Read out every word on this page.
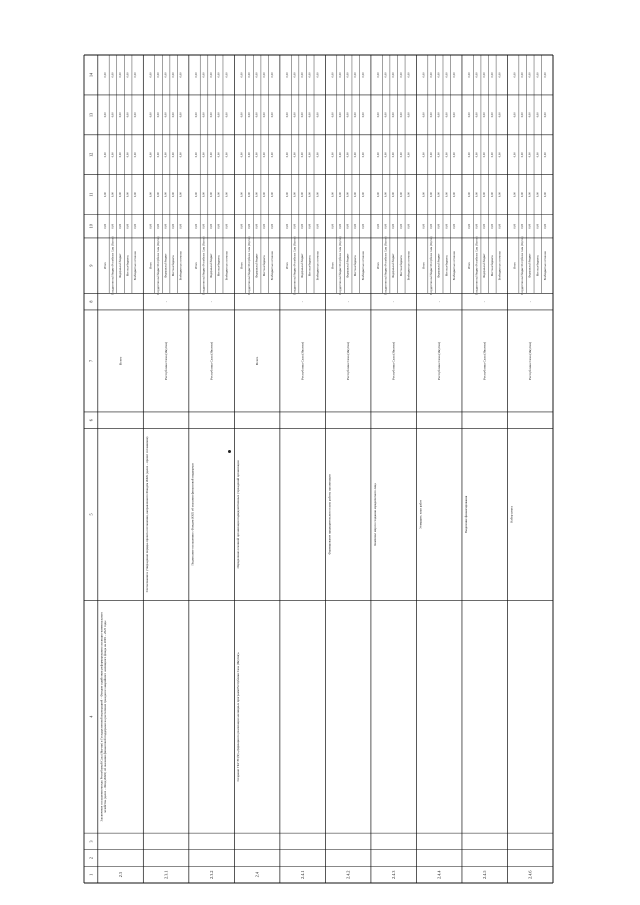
1
2
3
4
5
6
7
8
9
10
11
12
13
14
2.3
Заключение соглашения между Республикой Саха (Якутия) и Государственной корпорацией – Фондом содействия реформированию жилищно-коммунального хозяйства (далее – Фонд ЖКХ) об оказании финансовой поддержки на расселение граждан из аварийного жилищного фонда на 2019 – 2025 годы
Всего
Итого
0,00
0,00
0,00
0,00
0,00
Государственный бюджет Республики Саха (Якутия)
0,00
0,00
0,00
0,00
0,00
Федеральный бюджет
0,00
0,00
0,00
0,00
0,00
Местные бюджеты
0,00
0,00
0,00
0,00
0,00
Внебюджетные источники
0,00
0,00
0,00
0,00
0,00
2.3.1
Согласование и утверждение порядка проекта соглашения, направленного Фондом ЖКХ (далее – проект соглашения)
Республика Саха (Якутия)
-
Итого
0,00
0,00
0,00
0,00
0,00
Государственный бюджет Республики Саха (Якутия)
0,00
0,00
0,00
0,00
0,00
Федеральный бюджет
0,00
0,00
0,00
0,00
0,00
Местные бюджеты
0,00
0,00
0,00
0,00
0,00
Внебюджетные источники
0,00
0,00
0,00
0,00
0,00
2.3.2
Подписание соглашения с Фондом ЖКХ об оказании финансовой поддержки
Республика Саха (Якутия)
-
Итого
0,00
0,00
0,00
0,00
0,00
Государственный бюджет Республики Саха (Якутия)
0,00
0,00
0,00
0,00
0,00
Федеральный бюджет
0,00
0,00
0,00
0,00
0,00
Местные бюджеты
0,00
0,00
0,00
0,00
0,00
Внебюджетные источники
0,00
0,00
0,00
0,00
0,00
2.4
Создание ГКУ РС(Я) «Дирекция по реализации жилищных программ Республики Саха (Якутия)»
Определение основной организации подведомственных учреждений организации
Всего
Итого
0,00
0,00
0,00
0,00
0,00
Государственный бюджет Республики Саха (Якутия)
0,00
0,00
0,00
0,00
0,00
Федеральный бюджет
0,00
0,00
0,00
0,00
0,00
Местные бюджеты
0,00
0,00
0,00
0,00
0,00
Внебюджетные источники
0,00
0,00
0,00
0,00
0,00
2.4.1
Республика Саха (Якутия)
-
Итого
0,00
0,00
0,00
0,00
0,00
Государственный бюджет Республики Саха (Якутия)
0,00
0,00
0,00
0,00
0,00
Федеральный бюджет
0,00
0,00
0,00
0,00
0,00
Местные бюджеты
0,00
0,00
0,00
0,00
0,00
Внебюджетные источники
0,00
0,00
0,00
0,00
0,00
2.4.2
Формирование предварительного плана работы организации
Республика Саха (Якутия)
-
Итого
0,00
0,00
0,00
0,00
0,00
Государственный бюджет Республики Саха (Якутия)
0,00
0,00
0,00
0,00
0,00
Федеральный бюджет
0,00
0,00
0,00
0,00
0,00
Местные бюджеты
0,00
0,00
0,00
0,00
0,00
Внебюджетные источники
0,00
0,00
0,00
0,00
0,00
2.4.3
Комплекс мер по созданию юридического лица
Республика Саха (Якутия)
-
Итого
0,00
0,00
0,00
0,00
0,00
Государственный бюджет Республики Саха (Якутия)
0,00
0,00
0,00
0,00
0,00
Федеральный бюджет
0,00
0,00
0,00
0,00
0,00
Местные бюджеты
0,00
0,00
0,00
0,00
0,00
Внебюджетные источники
0,00
0,00
0,00
0,00
0,00
2.4.4
Утвердить план работ
Республика Саха (Якутия)
-
Итого
0,00
0,00
0,00
0,00
0,00
Государственный бюджет Республики Саха (Якутия)
0,00
0,00
0,00
0,00
0,00
Федеральный бюджет
0,00
0,00
0,00
0,00
0,00
Местные бюджеты
0,00
0,00
0,00
0,00
0,00
Внебюджетные источники
0,00
0,00
0,00
0,00
0,00
2.4.5
Выделение финансирования
Республика Саха (Якутия)
-
Итого
0,00
0,00
0,00
0,00
0,00
Государственный бюджет Республики Саха (Якутия)
0,00
0,00
0,00
0,00
0,00
Федеральный бюджет
0,00
0,00
0,00
0,00
0,00
Местные бюджеты
0,00
0,00
0,00
0,00
0,00
Внебюджетные источники
0,00
0,00
0,00
0,00
0,00
2.4.6
Набор штата
Республика Саха (Якутия)
-
Итого
0,00
0,00
0,00
0,00
0,00
Государственный бюджет Республики Саха (Якутия)
0,00
0,00
0,00
0,00
0,00
Федеральный бюджет
0,00
0,00
0,00
0,00
0,00
Местные бюджеты
0,00
0,00
0,00
0,00
0,00
Внебюджетные источники
0,00
0,00
0,00
0,00
0,00
